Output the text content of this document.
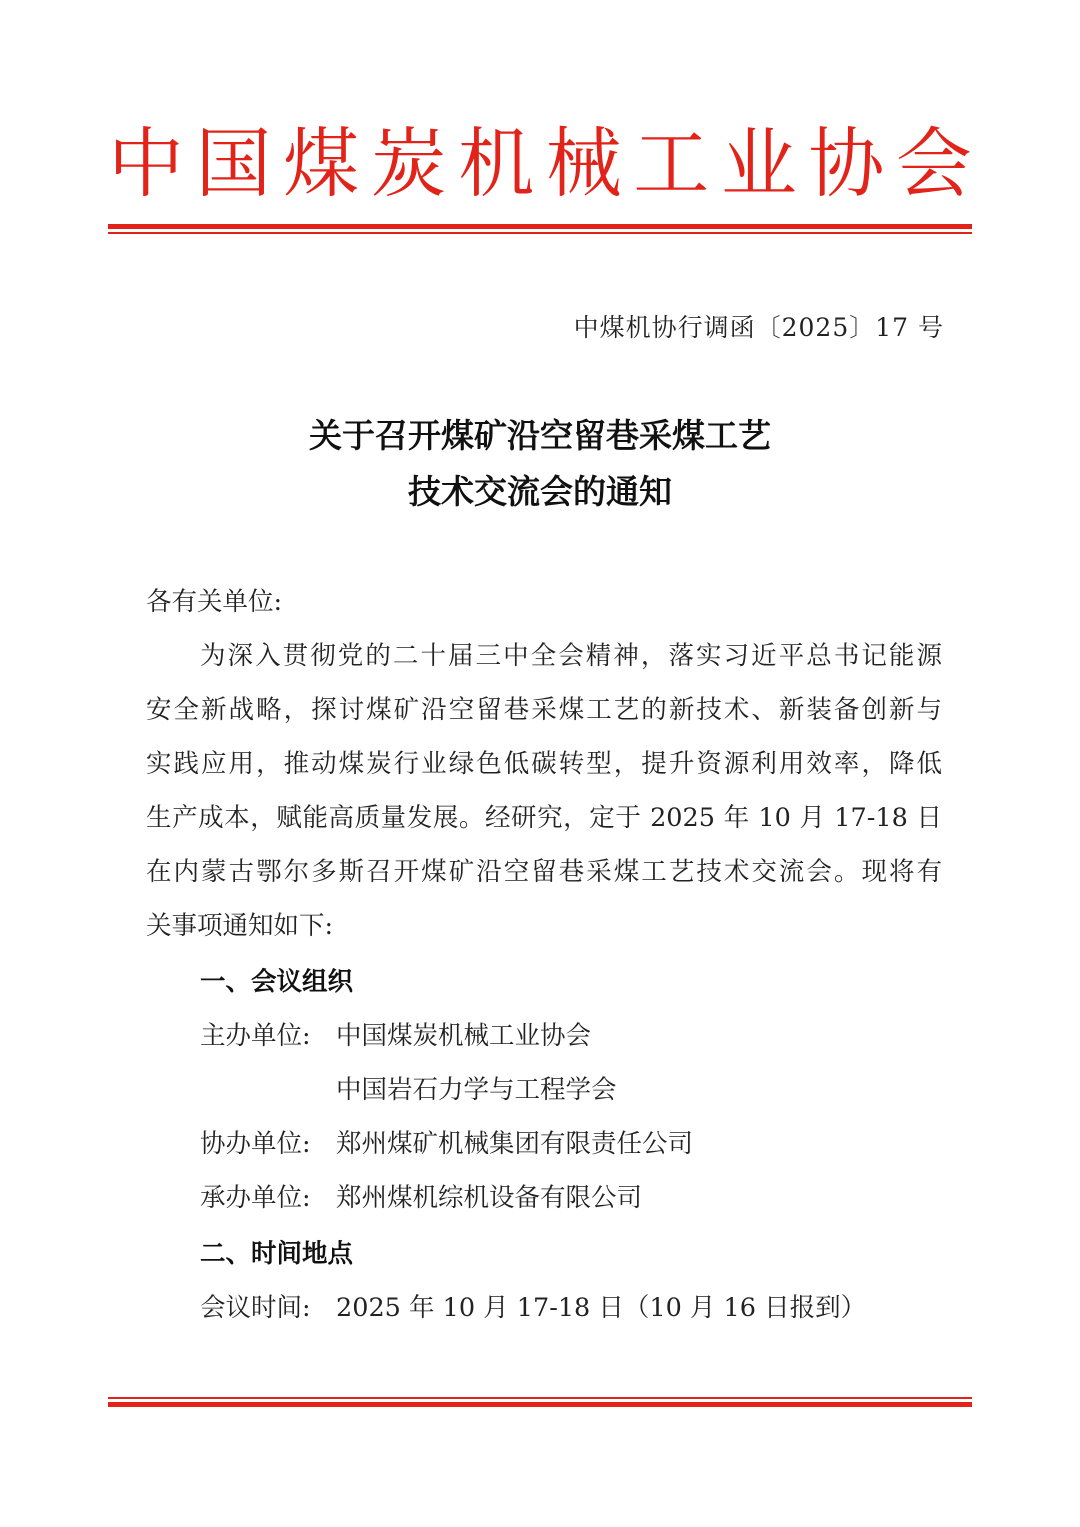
中 国 煤 炭 机 械 工 业 协 会
中煤机协行调函〔2025〕17 号
关于召开煤矿沿空留巷采煤工艺
技术交流会的通知
各有关单位:
为深入贯彻党的二十届三中全会精神，落实习近平总书记能源
安全新战略，探讨煤矿沿空留巷采煤工艺的新技术、新装备创新与
实践应用，推动煤炭行业绿色低碳转型，提升资源利用效率，降低
生产成本，赋能高质量发展。经研究，定于 2025 年 10 月 17-18 日
在内蒙古鄂尔多斯召开煤矿沿空留巷采煤工艺技术交流会。现将有
关事项通知如下:
一、会议组织
主办单位: 中国煤炭机械工业协会
中国岩石力学与工程学会
协办单位: 郑州煤矿机械集团有限责任公司
承办单位: 郑州煤机综机设备有限公司
二、时间地点
会议时间: 2025 年 10 月 17-18 日（10 月 16 日报到）
